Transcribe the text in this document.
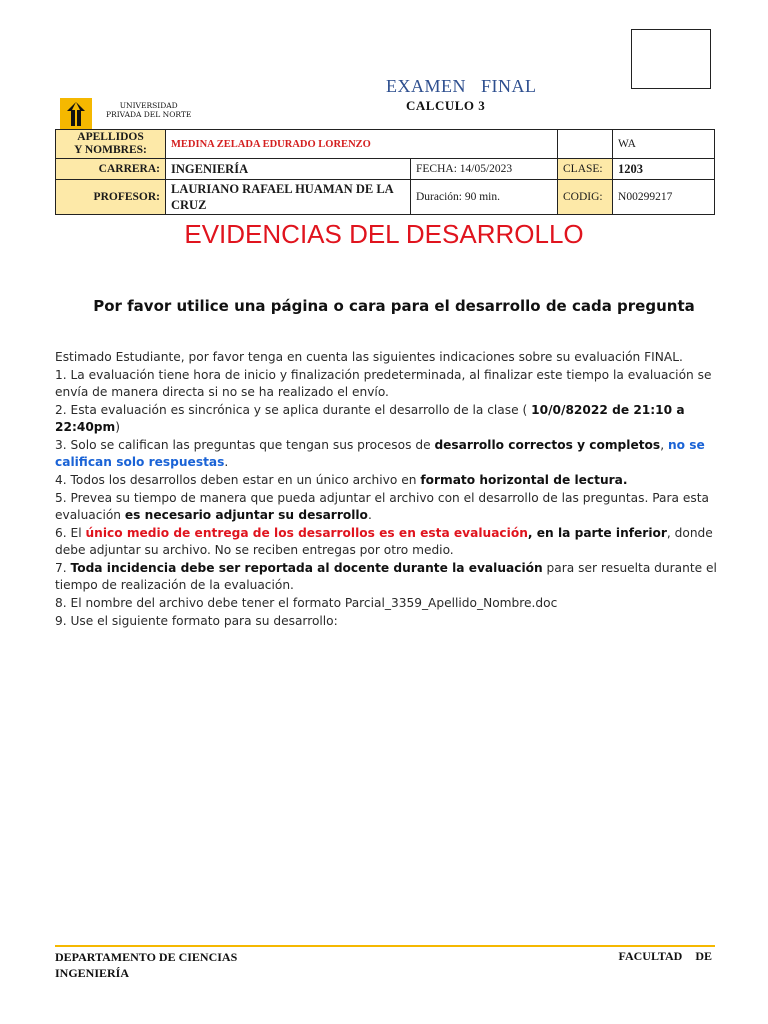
UNIVERSIDAD
PRIVADA DEL NORTE
EXAMEN   FINAL
CALCULO 3
APELLIDOS
Y NOMBRES:	MEDINA ZELADA EDURADO LORENZO			WA
CARRERA:	INGENIERÍA	FECHA: 14/05/2023	CLASE:	1203
PROFESOR:	LAURIANO RAFAEL HUAMAN DE LA CRUZ	Duración: 90 min.	CODIG:	N00299217
EVIDENCIAS DEL DESARROLLO
Por favor utilice una página o cara para el desarrollo de cada pregunta

Estimado Estudiante, por favor tenga en cuenta las siguientes indicaciones sobre su evaluación FINAL.

1. La evaluación tiene hora de inicio y finalización predeterminada, al finalizar este tiempo la evaluación se envía de manera directa si no se ha realizado el envío.

2. Esta evaluación es sincrónica y se aplica durante el desarrollo de la clase ( 10/0/82022 de 21:10 a 22:40pm)

3. Solo se califican las preguntas que tengan sus procesos de desarrollo correctos y completos, no se califican solo respuestas.

4. Todos los desarrollos deben estar en un único archivo en formato horizontal de lectura.

5. Prevea su tiempo de manera que pueda adjuntar el archivo con el desarrollo de las preguntas. Para esta evaluación es necesario adjuntar su desarrollo.

6. El único medio de entrega de los desarrollos es en esta evaluación, en la parte inferior, donde debe adjuntar su archivo. No se reciben entregas por otro medio.

7. Toda incidencia debe ser reportada al docente durante la evaluación para ser resuelta durante el tiempo de realización de la evaluación.

8. El nombre del archivo debe tener el formato Parcial_3359_Apellido_Nombre.doc

9. Use el siguiente formato para su desarrollo:

DEPARTAMENTO DE CIENCIAS
INGENIERÍA
FACULTAD DE
